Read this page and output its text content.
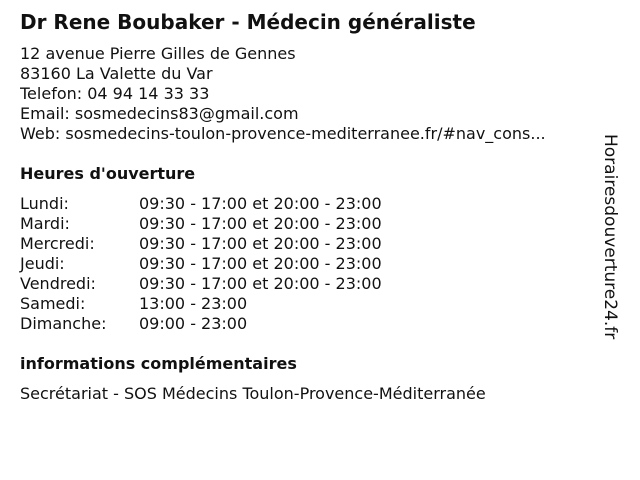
Dr Rene Boubaker - Médecin généraliste
12 avenue Pierre Gilles de Gennes
83160 La Valette du Var
Telefon: 04 94 14 33 33
Email: sosmedecins83@gmail.com
Web: sosmedecins-toulon-provence-mediterranee.fr/#nav_cons...
Heures d'ouverture
Lundi:	09:30 - 17:00 et 20:00 - 23:00
Mardi:	09:30 - 17:00 et 20:00 - 23:00
Mercredi:	09:30 - 17:00 et 20:00 - 23:00
Jeudi:	09:30 - 17:00 et 20:00 - 23:00
Vendredi:	09:30 - 17:00 et 20:00 - 23:00
Samedi:	13:00 - 23:00
Dimanche:	09:00 - 23:00
informations complémentaires
Secrétariat - SOS Médecins Toulon-Provence-Méditerranée
Horairesdouverture24.fr
